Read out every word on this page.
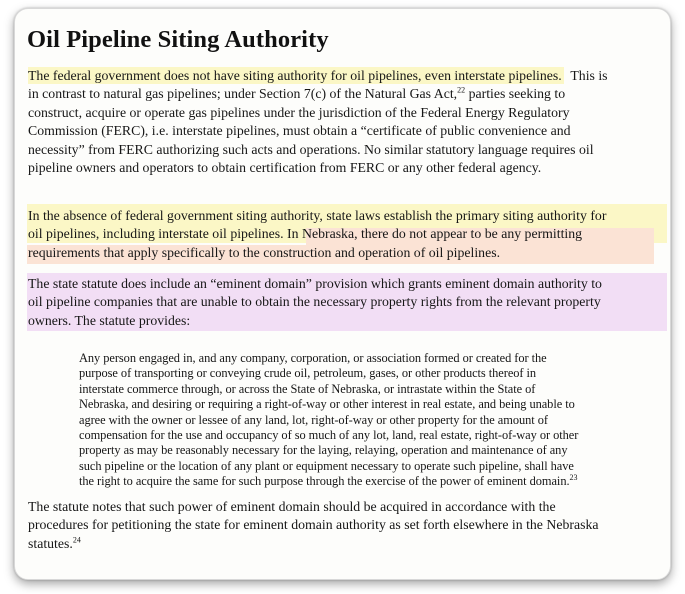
Oil Pipeline Siting Authority
The federal government does not have siting authority for oil pipelines, even interstate pipelines.  This is
in contrast to natural gas pipelines; under Section 7(c) of the Natural Gas Act,$^{22}$ parties seeking to
construct, acquire or operate gas pipelines under the jurisdiction of the Federal Energy Regulatory
Commission (FERC), i.e. interstate pipelines, must obtain a “certificate of public convenience and
necessity” from FERC authorizing such acts and operations. No similar statutory language requires oil
pipeline owners and operators to obtain certification from FERC or any other federal agency.
In the absence of federal government siting authority, state laws establish the primary siting authority for
oil pipelines, including interstate oil pipelines. In Nebraska, there do not appear to be any permitting
requirements that apply specifically to the construction and operation of oil pipelines.
The state statute does include an “eminent domain” provision which grants eminent domain authority to
oil pipeline companies that are unable to obtain the necessary property rights from the relevant property
owners. The statute provides:
Any person engaged in, and any company, corporation, or association formed or created for the
purpose of transporting or conveying crude oil, petroleum, gases, or other products thereof in
interstate commerce through, or across the State of Nebraska, or intrastate within the State of
Nebraska, and desiring or requiring a right-of-way or other interest in real estate, and being unable to
agree with the owner or lessee of any land, lot, right-of-way or other property for the amount of
compensation for the use and occupancy of so much of any lot, land, real estate, right-of-way or other
property as may be reasonably necessary for the laying, relaying, operation and maintenance of any
such pipeline or the location of any plant or equipment necessary to operate such pipeline, shall have
the right to acquire the same for such purpose through the exercise of the power of eminent domain.$^{23}$
The statute notes that such power of eminent domain should be acquired in accordance with the
procedures for petitioning the state for eminent domain authority as set forth elsewhere in the Nebraska
statutes.$^{24}$
